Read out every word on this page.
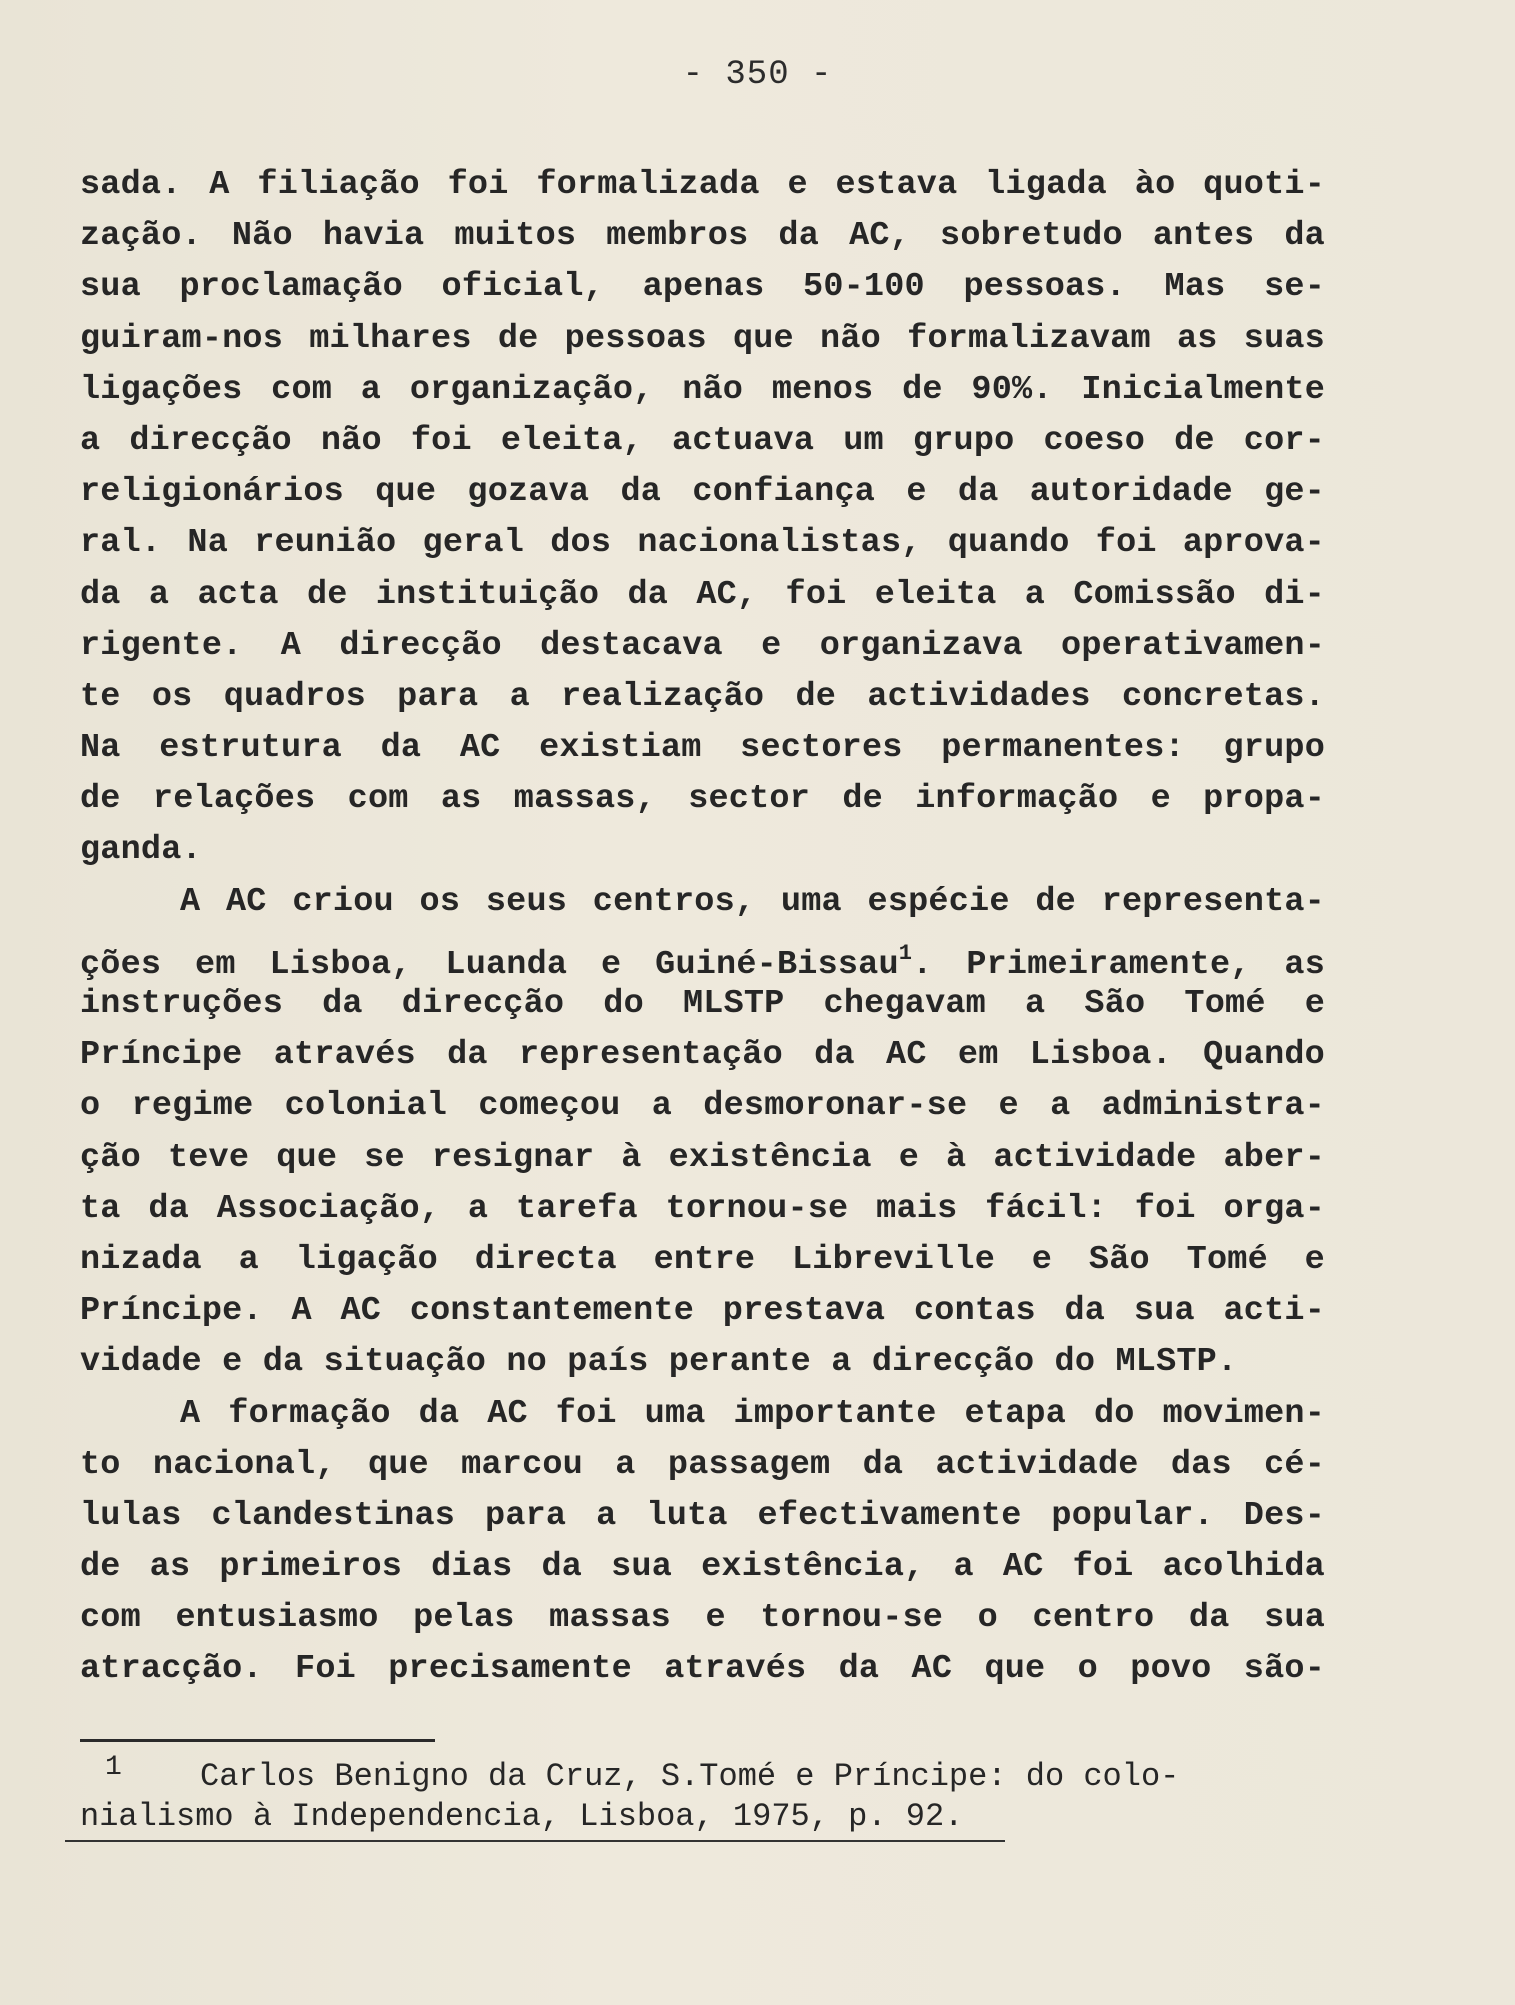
- 350 -
sada. A filiação foi formalizada e estava ligada ào quoti-
zação. Não havia muitos membros da AC, sobretudo antes da
sua proclamação oficial, apenas 50-100 pessoas. Mas se-
guiram-nos milhares de pessoas que não formalizavam as suas
ligações com a organização, não menos de 90%. Inicialmente
a direcção não foi eleita, actuava um grupo coeso de cor-
religionários que gozava da confiança e da autoridade ge-
ral. Na reunião geral dos nacionalistas, quando foi aprova-
da a acta de instituição da AC, foi eleita a Comissão di-
rigente. A direcção destacava e organizava operativamen-
te os quadros para a realização de actividades concretas.
Na estrutura da AC existiam sectores permanentes: grupo
de relações com as massas, sector de informação e propa-
ganda.
A AC criou os seus centros, uma espécie de representa-
ções em Lisboa, Luanda e Guiné-Bissau$^1$. Primeiramente, as
instruções da direcção do MLSTP chegavam a São Tomé e
Príncipe através da representação da AC em Lisboa. Quando
o regime colonial começou a desmoronar-se e a administra-
ção teve que se resignar à existência e à actividade aber-
ta da Associação, a tarefa tornou-se mais fácil: foi orga-
nizada a ligação directa entre Libreville e São Tomé e
Príncipe. A AC constantemente prestava contas da sua acti-
vidade e da situação no país perante a direcção do MLSTP.
A formação da AC foi uma importante etapa do movimen-
to nacional, que marcou a passagem da actividade das cé-
lulas clandestinas para a luta efectivamente popular. Des-
de as primeiros dias da sua existência, a AC foi acolhida
com entusiasmo pelas massas e tornou-se o centro da sua
atracção. Foi precisamente através da AC que o povo são-
1	Carlos Benigno da Cruz, S.Tomé e Príncipe: do colo-
nialismo à Independencia, Lisboa, 1975, p. 92.
